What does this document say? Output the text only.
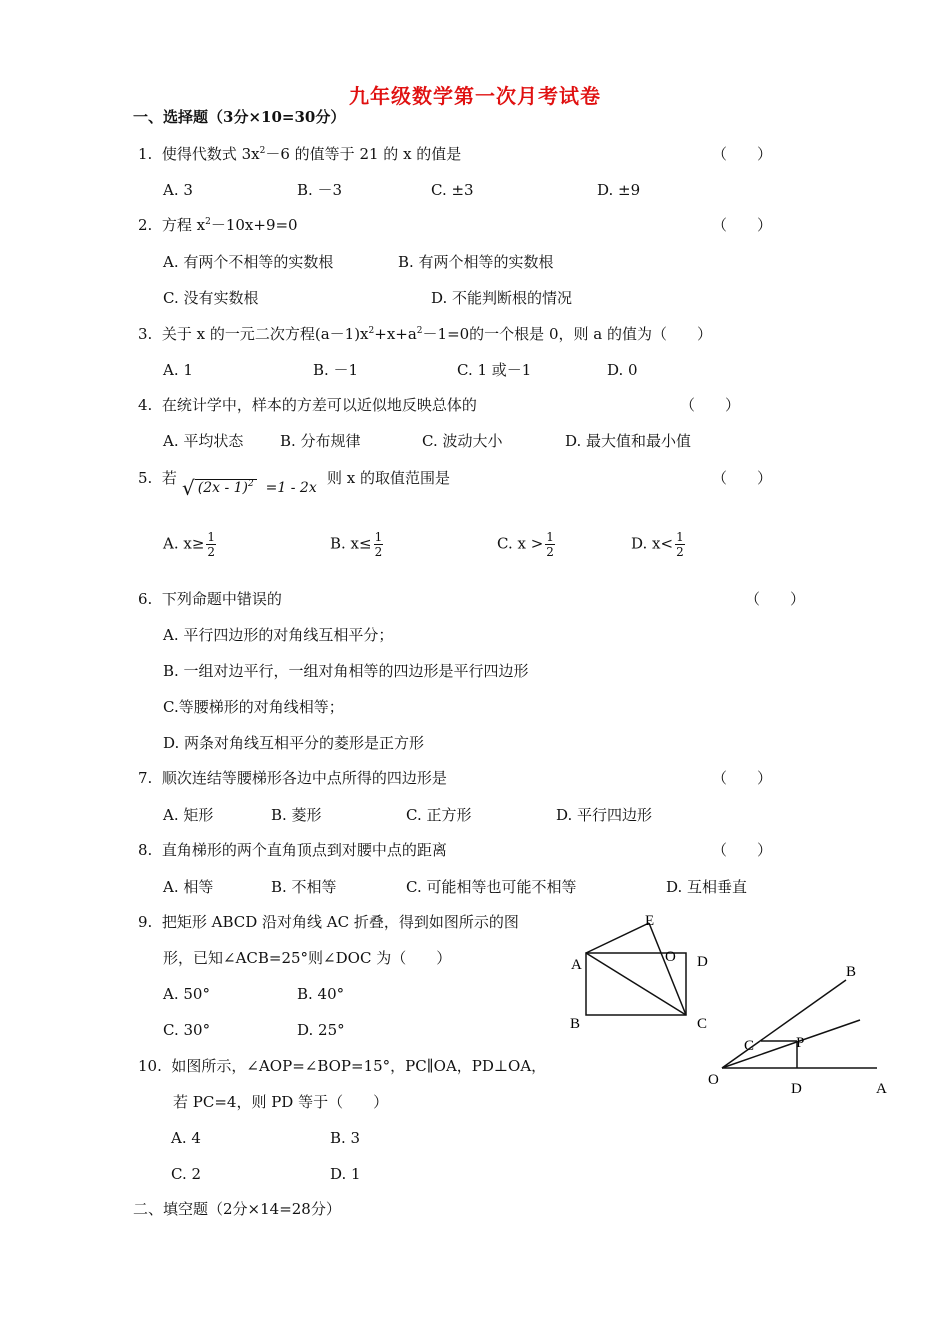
九年级数学第一次月考试卷
一、选择题（3分×10=30分）
1. 使得代数式 $3x^2-6$ 的值等于 21 的 x 的值是	（　　）
A. 3	B. －3	C. ±3	D. ±9
2. 方程 $x^2-10x+9=0$	（　　）
A. 有两个不相等的实数根	B. 有两个相等的实数根
C. 没有实数根	D. 不能判断根的情况
3. 关于 x 的一元二次方程$(a-1)x^2+x+a^2-1=0$的一个根是 0，则 a 的值为（　　）
A. 1	B. －1	C. 1 或－1	D. 0
4. 在统计学中，样本的方差可以近似地反映总体的	（　　）
A. 平均状态 B. 分布规律	C. 波动大小	D. 最大值和最小值
5. 若 √ (2x - 1)$^2$ =1 - 2x
则 x 的取值范围是	（　　）
A. $x\ge \frac{1}{2}$	B. $x\le \frac{1}{2}$	C. $x > \frac{1}{2}$	D. $x< \frac{1}{2}$
6. 下列命题中错误的	（　　）
A. 平行四边形的对角线互相平分；
B. 一组对边平行，一组对角相等的四边形是平行四边形
C.等腰梯形的对角线相等；
D. 两条对角线互相平分的菱形是正方形
7. 顺次连结等腰梯形各边中点所得的四边形是	（　　）
A. 矩形	B. 菱形	C. 正方形	D. 平行四边形
8. 直角梯形的两个直角顶点到对腰中点的距离	（　　）
A. 相等	B. 不相等	C. 可能相等也可能不相等	D. 互相垂直
9. 把矩形 ABCD 沿对角线 AC 折叠，得到如图所示的图
形，已知∠ACB=25°则∠DOC 为（　　）
A. 50°	B. 40°
C. 30°	D. 25°
10. 如图所示，∠AOP=∠BOP=15°，PC∥OA，PD⊥OA，
若 PC=4，则 PD 等于（　　）
A. 4	B. 3
C. 2	D. 1
二、填空题（2分×14=28分）
E
A	O D
B	C
B
C	P
O
D	A
